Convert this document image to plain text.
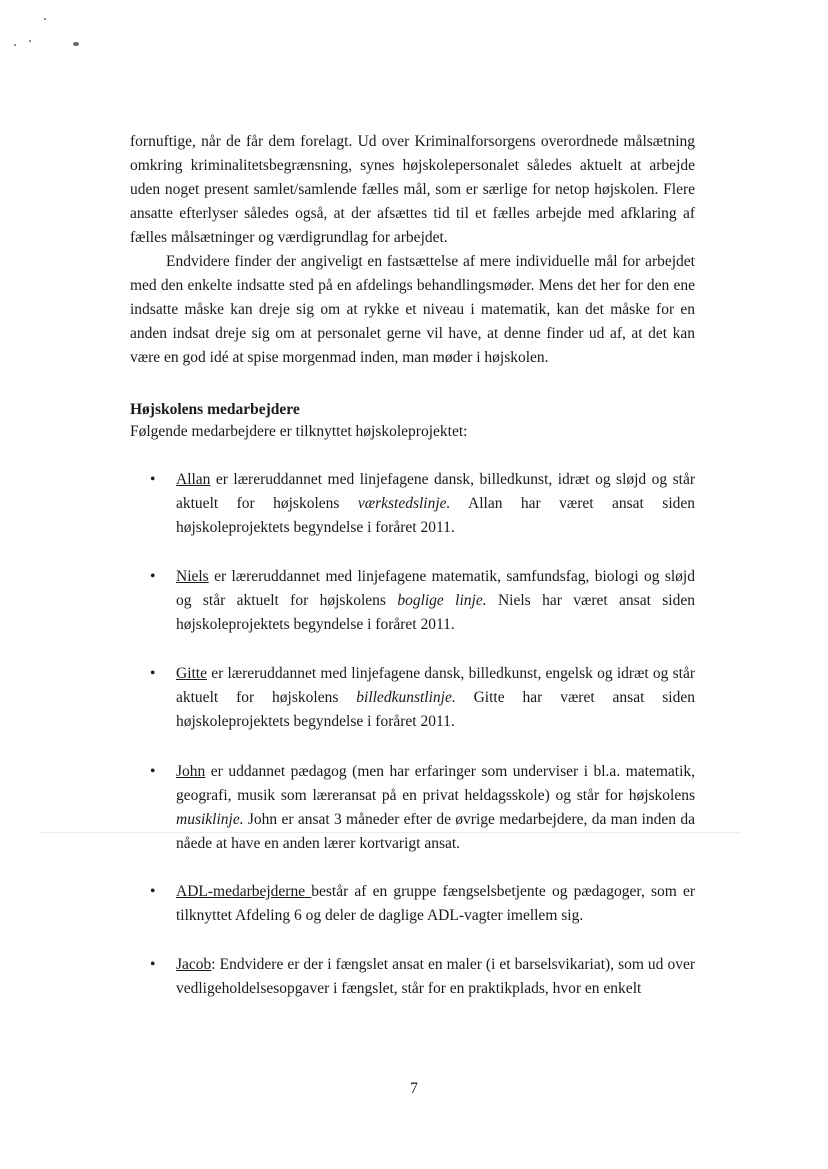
fornuftige, når de får dem forelagt. Ud over Kriminalforsorgens overordnede målsætning omkring kriminalitetsbegrænsning, synes højskolepersonalet således aktuelt at arbejde uden noget present samlet/samlende fælles mål, som er særlige for netop højskolen. Flere ansatte efterlyser således også, at der afsættes tid til et fælles arbejde med afklaring af fælles målsætninger og værdigrundlag for arbejdet.

Endvidere finder der angiveligt en fastsættelse af mere individuelle mål for arbejdet med den enkelte indsatte sted på en afdelings behandlingsmøder. Mens det her for den ene indsatte måske kan dreje sig om at rykke et niveau i matematik, kan det måske for en anden indsat dreje sig om at personalet gerne vil have, at denne finder ud af, at det kan være en god idé at spise morgenmad inden, man møder i højskolen.

Højskolens medarbejdere
Følgende medarbejdere er tilknyttet højskoleprojektet:
• Allan er læreruddannet med linjefagene dansk, billedkunst, idræt og sløjd og står aktuelt for højskolens værkstedslinje. Allan har været ansat siden højskoleprojektets begyndelse i foråret 2011.
• Niels er læreruddannet med linjefagene matematik, samfundsfag, biologi og sløjd og står aktuelt for højskolens boglige linje. Niels har været ansat siden højskoleprojektets begyndelse i foråret 2011.
• Gitte er læreruddannet med linjefagene dansk, billedkunst, engelsk og idræt og står aktuelt for højskolens billedkunstlinje. Gitte har været ansat siden højskoleprojektets begyndelse i foråret 2011.
• John er uddannet pædagog (men har erfaringer som underviser i bl.a. matematik, geografi, musik som læreransat på en privat heldagsskole) og står for højskolens musiklinje. John er ansat 3 måneder efter de øvrige medarbejdere, da man inden da nåede at have en anden lærer kortvarigt ansat.
• ADL-medarbejderne består af en gruppe fængselsbetjente og pædagoger, som er tilknyttet Afdeling 6 og deler de daglige ADL-vagter imellem sig.
• Jacob: Endvidere er der i fængslet ansat en maler (i et barselsvikariat), som ud over vedligeholdelsesopgaver i fængslet, står for en praktikplads, hvor en enkelt
7
